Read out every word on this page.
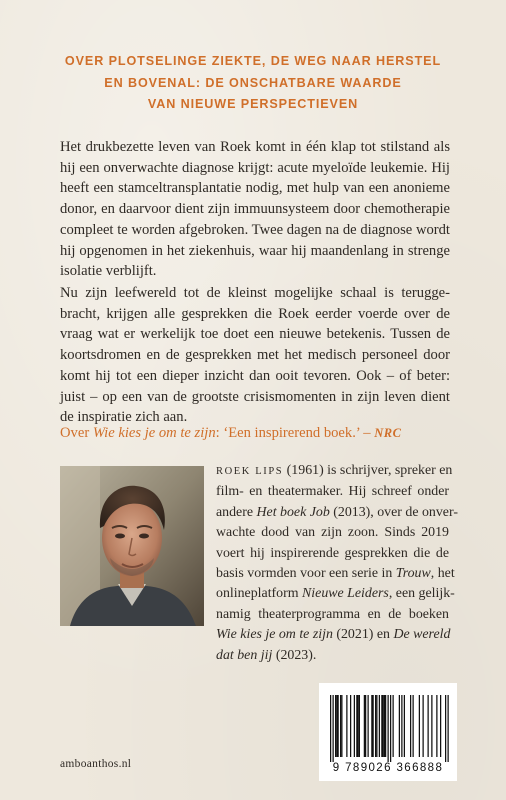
OVER PLOTSELINGE ZIEKTE, DE WEG NAAR HERSTEL
EN BOVENAL: DE ONSCHATBARE WAARDE
VAN NIEUWE PERSPECTIEVEN
Het drukbezette leven van Roek komt in één klap tot stilstand als
hij een onverwachte diagnose krijgt: acute myeloïde leukemie. Hij
heeft een stamceltransplantatie nodig, met hulp van een anonieme
donor, en daarvoor dient zijn immuunsysteem door chemotherapie
compleet te worden afgebroken. Twee dagen na de diagnose wordt
hij opgenomen in het ziekenhuis, waar hij maandenlang in strenge
isolatie verblijft.
Nu zijn leefwereld tot de kleinst mogelijke schaal is terugge-
bracht, krijgen alle gesprekken die Roek eerder voerde over de
vraag wat er werkelijk toe doet een nieuwe betekenis. Tussen de
koortsdromen en de gesprekken met het medisch personeel door
komt hij tot een dieper inzicht dan ooit tevoren. Ook – of beter:
juist – op een van de grootste crisismomenten in zijn leven dient
de inspiratie zich aan.
Over Wie kies je om te zijn: ‘Een inspirerend boek.’ – NRC
ROEK LIPS (1961) is schrijver, spreker en
film- en theatermaker. Hij schreef onder
andere Het boek Job (2013), over de onver-
wachte dood van zijn zoon. Sinds 2019
voert hij inspirerende gesprekken die de
basis vormden voor een serie in Trouw, het
onlineplatform Nieuwe Leiders, een gelijk-
namig theaterprogramma en de boeken
Wie kies je om te zijn (2021) en De wereld
dat ben jij (2023).
amboanthos.nl	9 789026 366888
